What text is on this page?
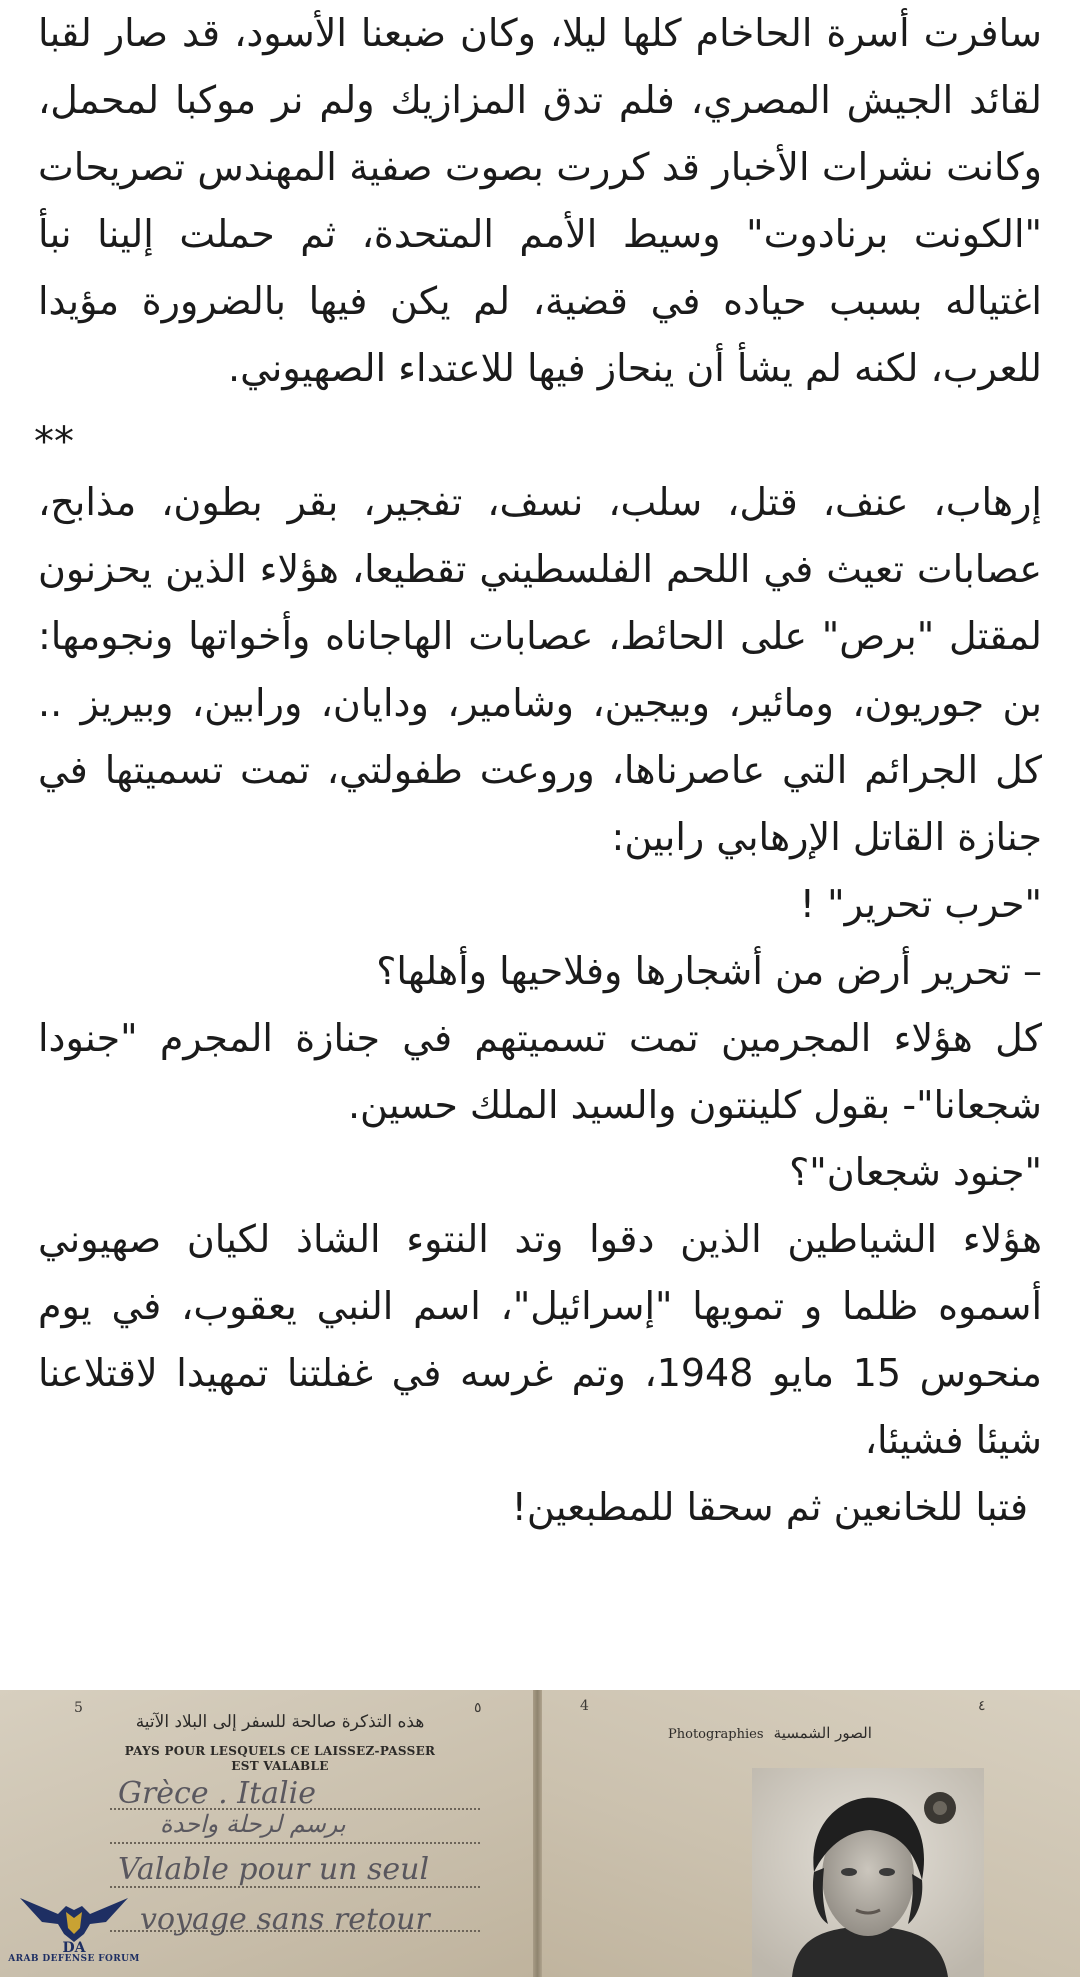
سافرت أسرة الحاخام كلها ليلا، وكان ضبعنا الأسود، قد صار لقبا لقائد الجيش المصري، فلم تدق المزازيك ولم نر موكبا لمحمل، وكانت نشرات الأخبار قد كررت بصوت صفية المهندس تصريحات "الكونت برنادوت" وسيط الأمم المتحدة، ثم حملت إلينا نبأ اغتياله بسبب حياده في قضية، لم يكن فيها بالضرورة مؤيدا للعرب، لكنه لم يشأ أن ينحاز فيها للاعتداء الصهيوني.

**

إرهاب، عنف، قتل، سلب، نسف، تفجير، بقر بطون، مذابح، عصابات تعيث في اللحم الفلسطيني تقطيعا، هؤلاء الذين يحزنون لمقتل "برص" على الحائط، عصابات الهاجاناه وأخواتها ونجومها: بن جوريون، ومائير، وبيجين، وشامير، ودايان، ورابين، وبيريز .. كل الجرائم التي عاصرناها، وروعت طفولتي، تمت تسميتها في جنازة القاتل الإرهابي رابين:

"حرب تحرير" !

– تحرير أرض من أشجارها وفلاحيها وأهلها؟

كل هؤلاء المجرمين تمت تسميتهم في جنازة المجرم "جنودا شجعانا"- بقول كلينتون والسيد الملك حسين.

"جنود شجعان"؟

هؤلاء الشياطين الذين دقوا وتد النتوء الشاذ لكيان صهيوني أسموه ظلما و تمويها "إسرائيل"، اسم النبي يعقوب، في يوم منحوس 15 مايو 1948، وتم غرسه في غفلتنا تمهيدا لاقتلاعنا شيئا فشيئا،

فتبا للخانعين ثم سحقا للمطبعين!

5	٥	4	٤
هذه التذكرة صالحة للسفر إلى البلاد الآتية
PAYS POUR LESQUELS CE LAISSEZ-PASSER EST VALABLE
Grèce . Italie
برسم لرحلة واحدة
Valable pour un seul
voyage sans retour
Photographies الصور الشمسية
DA
ARAB DEFENSE FORUM
